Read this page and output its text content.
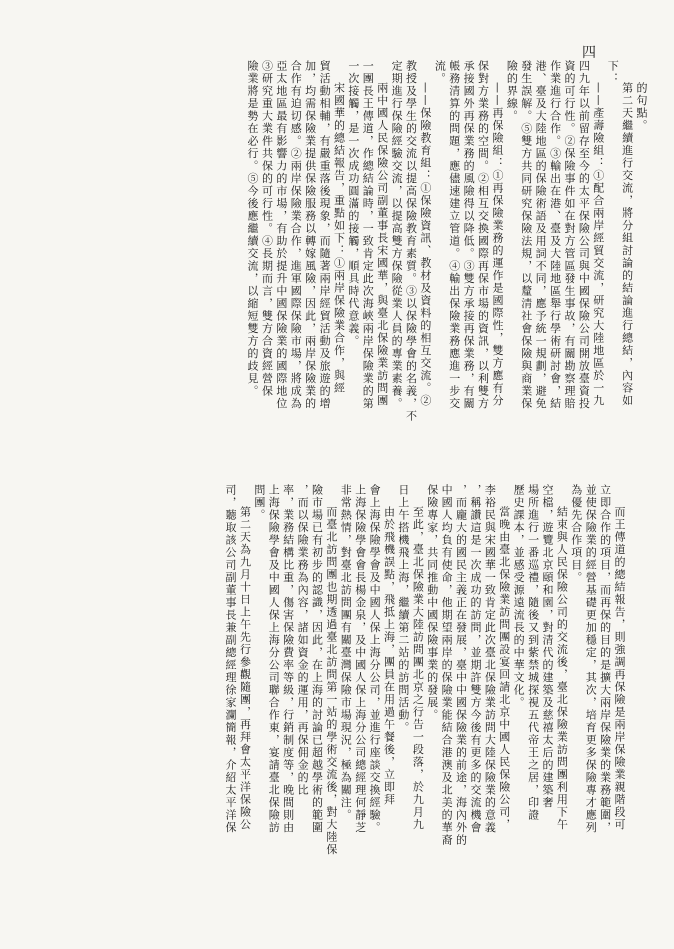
四

的句點。

第二天繼續進行交流，將分組討論的結論進行總結，內容如

下：

——產壽險組：①配合兩岸經貿交流，研究大陸地區於一九

四九年以前留存至今的太平保險公司與中國保險公司開放臺資投

資的可行性。②保險事件如在對方管區發生事故，有關勘察理賠

作業進行合作。③輸出在港、臺及大陸地區舉行學術研討會，結

港、臺及大陸地區的保險術語及用詞不同，應予統一規劃，避免

發生誤解。⑤雙方共同研究保險法規，以釐清社會保險與商業保

險的界線。

——再保險組：①再保險業務的運作是國際性，雙方應有分

保對方業務的空間。②相互交換國際再保市場的資訊，以利雙方

承接國外再保業務的風險得以降低。③雙方承接再保業務，有關

帳務清算的問題，應儘速建立管道。④輸出保險業務應進一步交

流。

——保險教育組：①保險資訊、教材及資料的相互交流。②

教授及學生的交流以提高保險教育素質。③以保險學會的名義，不

定期進行保險經驗交流，以提高雙方保險從業人員的專業素養。

兩中國人民保險公司副董事長宋國華，與臺北保險業訪問團

一團長王傳道，作總結論時，一致肯定此次海峽兩岸保險業的第

一次接觸，是一次成功圓滿的接觸，順具時代意義。

宋國華的總結報告，重點如下：①兩岸保險業合作，與經

貿活動相輔，有嚴重落後現象，而隨著兩岸經貿活動及旅遊的增

加，均需保險業提供保險服務以轉嫁風險，因此，兩岸保險業的

合作有迫切感。②兩岸保險業合作，進軍國際保險市場，將成為

亞太地區最有影響力的市場，有助於提升中國保險業的國際地位

③研究重大業件共保的可行性。④長期而言，雙方合資經營保

險業將是勢在必行。⑤今後應繼續交流，以縮短雙方的歧見。

而王傳道的總結報告，則強調再保險是兩岸保險業親階段可

立即合作的項目，而再保的目的是擴大兩岸保險業的業務範圍，

並使保險業的經營基礎更加穩定，其次，培育更多保險專才應列

為優先合作項目。

結束與人民保險公司的交流後，臺北保險業訪問團利用下午

空檔，遊覽北京頤和園，對清代的建築及慈禧太后的建築奢

場所進行一番巡禮，隨後又到紫禁城探視五代帝王之居，印證

歷史課本，並感受源遠流長的中華文化。

當晚由臺北保險業訪問團設宴回請北京中國人民保險公司，

李裕民與宋國華一致肯定此次臺北保險業訪問大陸保險業的意義

，稱讚這是一次成功的訪問，並期許雙方今後有更多的交流機會

，而龐大的國民主義正在發展，臺中中國保險業的前途，海內外的

中國人均負有使命，他期望兩岸的保險業能結合港澳及北美的華裔

保險專家，共同推動中國保險事業的發展。

至此，臺北保險業大陸訪問團北京之行告一段落，於九月九

日上午搭機飛上海，繼續第二站的訪問活動。

由於飛機誤點，飛抵上海，團員在用過午餐後，立即拜

會上海保險學會及中國人保上海分公司，並進行座談交換經驗。

上海保險學會會長楊金泉，及中國人保上海分公司總經理何靜芝

非常熱情，對臺北訪問團有關臺灣保險市場現況，極為關注。

而臺北訪問團也期透過臺北訪問第一站的學術交流後，對大陸保

險市場已有初步的認識，因此，在上海的討論已超越學術的範圍

，而以保險業務為內容，諸如資金的運用，再保佣金的比

率，業務結構比重，傷害保險費率等級，行銷制度等，晚間則由

上海保險學會及中國人保上海分公司聯合作東，宴請臺北保險訪

問團。

第二天為九月十日上午先行參觀隨團，再拜會太平洋保險公

司，聽取該公司副董事長兼副總經理徐家瀾簡報，介紹太平洋保
